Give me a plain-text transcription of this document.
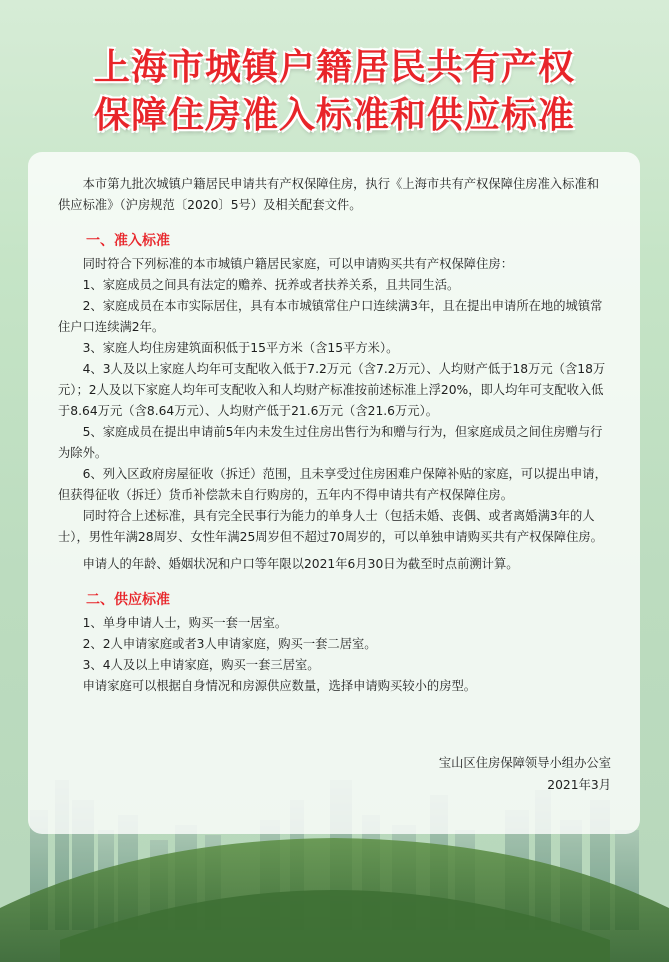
上海市城镇户籍居民共有产权
保障住房准入标准和供应标准

本市第九批次城镇户籍居民申请共有产权保障住房，执行《上海市共有产权保障住房准入标准和供应标准》（沪房规范〔2020〕5号）及相关配套文件。

一、准入标准

同时符合下列标准的本市城镇户籍居民家庭，可以申请购买共有产权保障住房：

1、家庭成员之间具有法定的赡养、抚养或者扶养关系，且共同生活。

2、家庭成员在本市实际居住，具有本市城镇常住户口连续满3年，且在提出申请所在地的城镇常住户口连续满2年。

3、家庭人均住房建筑面积低于15平方米（含15平方米）。

4、3人及以上家庭人均年可支配收入低于7.2万元（含7.2万元）、人均财产低于18万元（含18万元）；2人及以下家庭人均年可支配收入和人均财产标准按前述标准上浮20%，即人均年可支配收入低于8.64万元（含8.64万元）、人均财产低于21.6万元（含21.6万元）。

5、家庭成员在提出申请前5年内未发生过住房出售行为和赠与行为，但家庭成员之间住房赠与行为除外。

6、列入区政府房屋征收（拆迁）范围，且未享受过住房困难户保障补贴的家庭，可以提出申请，但获得征收（拆迁）货币补偿款未自行购房的，五年内不得申请共有产权保障住房。

同时符合上述标准，具有完全民事行为能力的单身人士（包括未婚、丧偶、或者离婚满3年的人士），男性年满28周岁、女性年满25周岁但不超过70周岁的，可以单独申请购买共有产权保障住房。

申请人的年龄、婚姻状况和户口等年限以2021年6月30日为截至时点前溯计算。

二、供应标准

1、单身申请人士，购买一套一居室。

2、2人申请家庭或者3人申请家庭，购买一套二居室。

3、4人及以上申请家庭，购买一套三居室。

申请家庭可以根据自身情况和房源供应数量，选择申请购买较小的房型。

宝山区住房保障领导小组办公室
2021年3月
